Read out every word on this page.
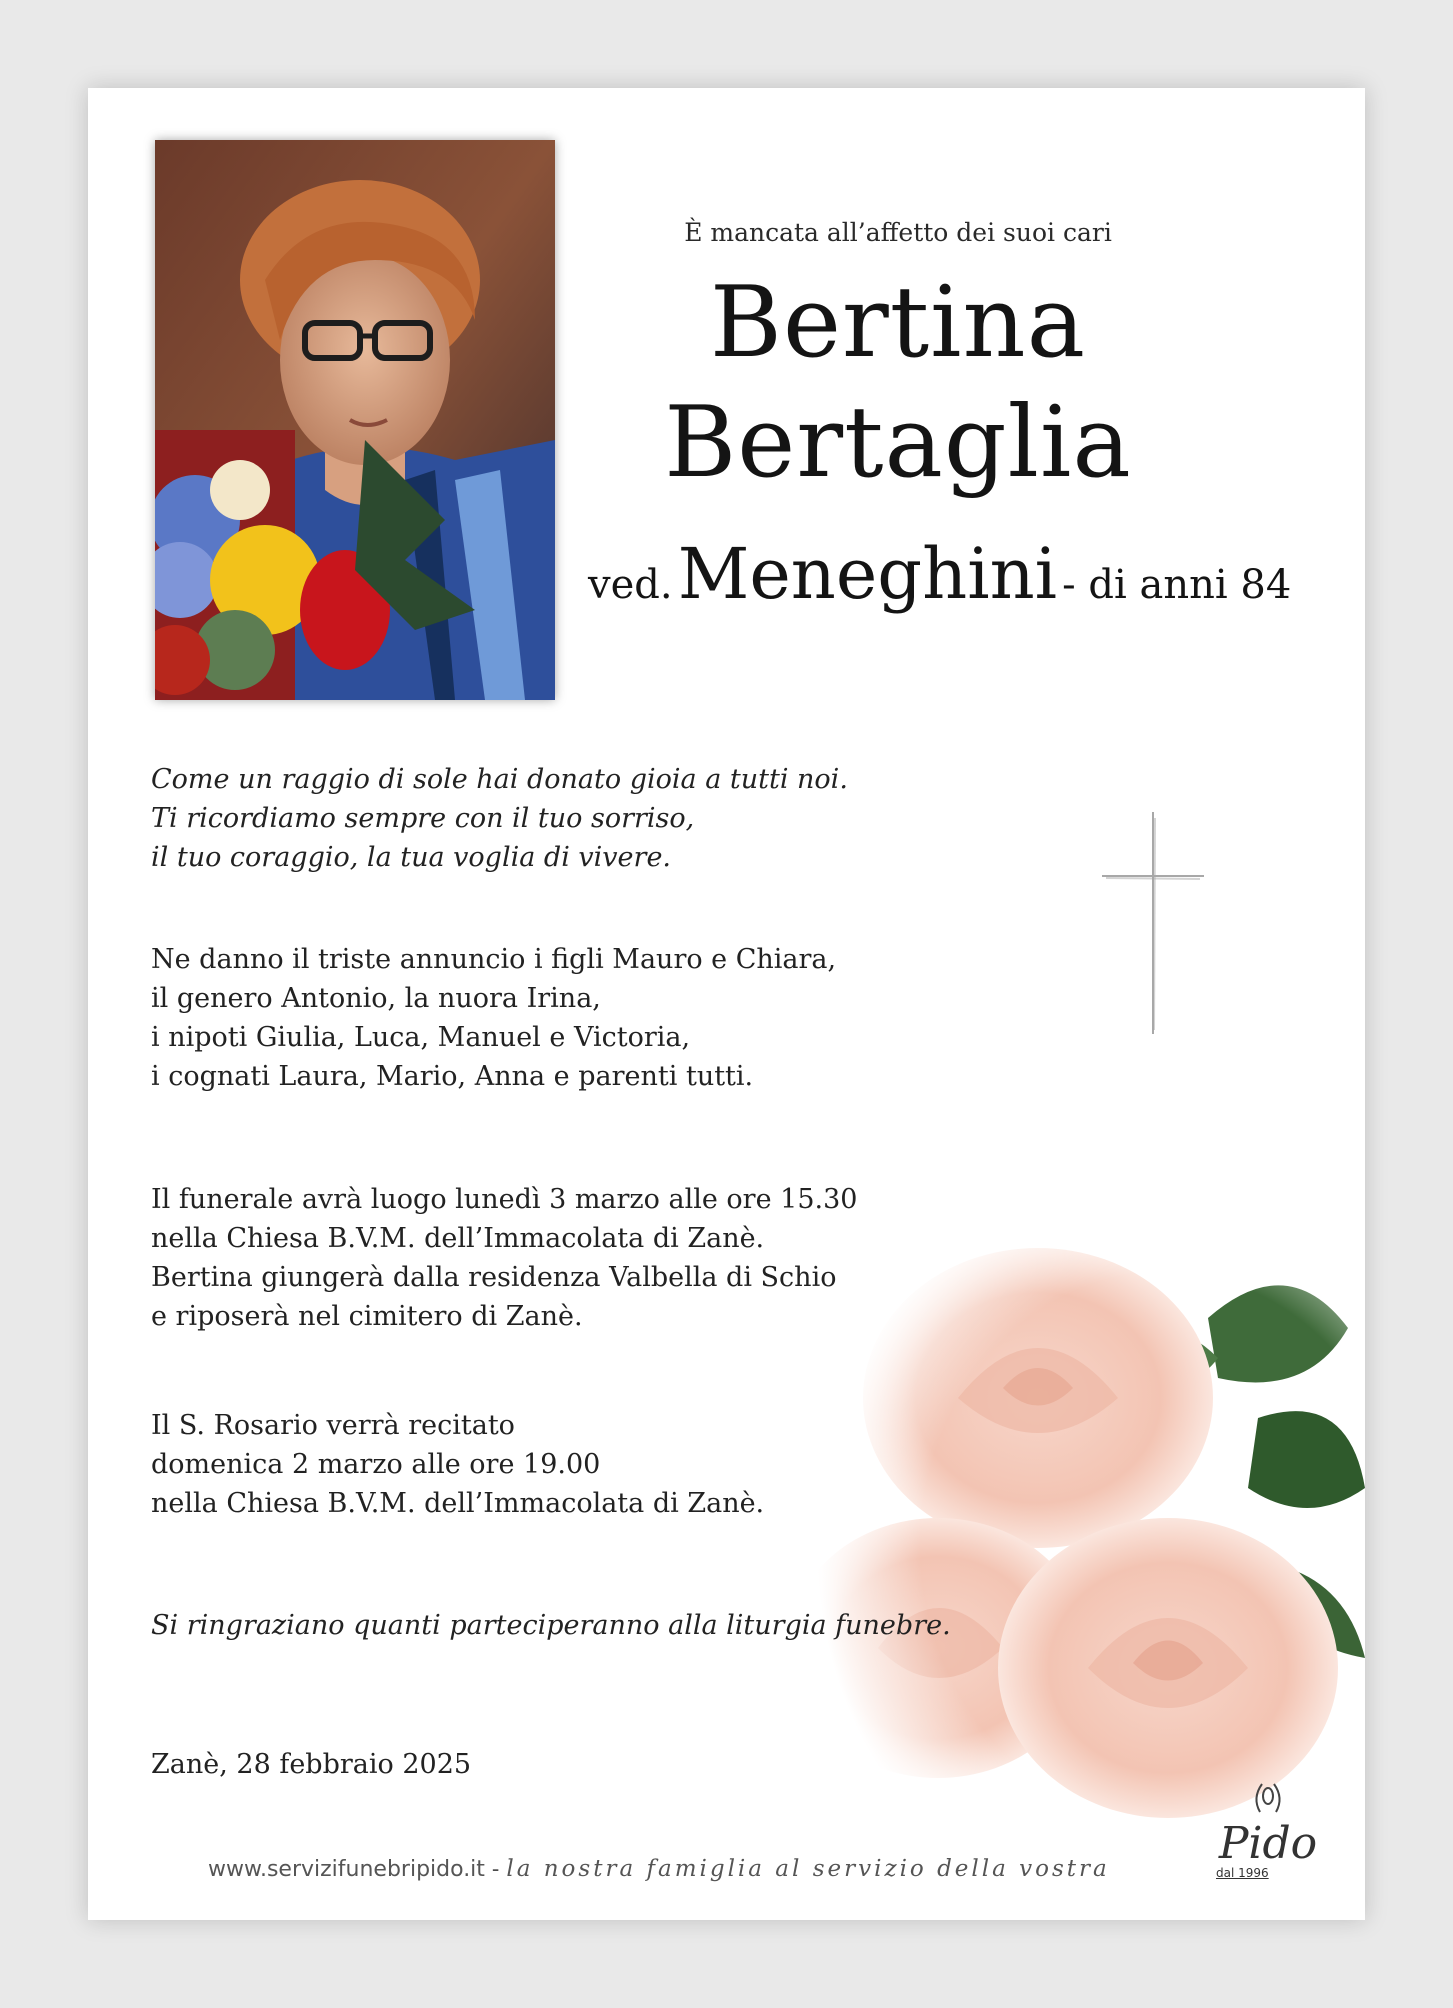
È mancata all’affetto dei suoi cari
Bertina
Bertaglia
ved. Meneghini - di anni 84

Come un raggio di sole hai donato gioia a tutti noi.

Ti ricordiamo sempre con il tuo sorriso,

il tuo coraggio, la tua voglia di vivere.

Ne danno il triste annuncio i figli Mauro e Chiara,

il genero Antonio, la nuora Irina,

i nipoti Giulia, Luca, Manuel e Victoria,

i cognati Laura, Mario, Anna e parenti tutti.

Il funerale avrà luogo lunedì 3 marzo alle ore 15.30

nella Chiesa B.V.M. dell’Immacolata di Zanè.

Bertina giungerà dalla residenza Valbella di Schio

e riposerà nel cimitero di Zanè.

Il S. Rosario verrà recitato

domenica 2 marzo alle ore 19.00

nella Chiesa B.V.M. dell’Immacolata di Zanè.

Si ringraziano quanti parteciperanno alla liturgia funebre.
Zanè, 28 febbraio 2025
www.servizifunebripido.it - la nostra famiglia al servizio della vostra	Pido
dal 1996
